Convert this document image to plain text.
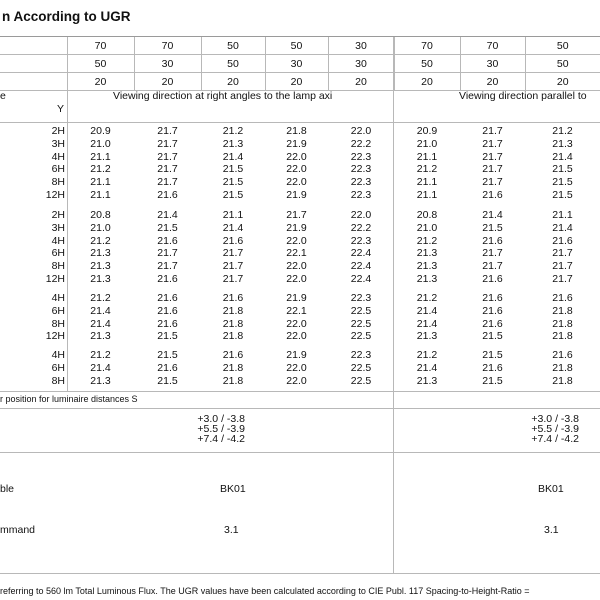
n According to UGR
	70	70	50	50	30	70	70	50
	50	30	50	30	30	50	30	50
	20	20	20	20	20	20	20	20
e
Y
Viewing direction at right angles to the lamp axi	Viewing direction parallel to
2H	20.9	21.7	21.2	21.8	22.0	20.9	21.7	21.2	
3H	21.0	21.7	21.3	21.9	22.2	21.0	21.7	21.3	
4H	21.1	21.7	21.4	22.0	22.3	21.1	21.7	21.4	
6H	21.2	21.7	21.5	22.0	22.3	21.2	21.7	21.5	
8H	21.1	21.7	21.5	22.0	22.3	21.1	21.7	21.5	
12H	21.1	21.6	21.5	21.9	22.3	21.1	21.6	21.5	
2H	20.8	21.4	21.1	21.7	22.0	20.8	21.4	21.1	
3H	21.0	21.5	21.4	21.9	22.2	21.0	21.5	21.4	
4H	21.2	21.6	21.6	22.0	22.3	21.2	21.6	21.6	
6H	21.3	21.7	21.7	22.1	22.4	21.3	21.7	21.7	
8H	21.3	21.7	21.7	22.0	22.4	21.3	21.7	21.7	
12H	21.3	21.6	21.7	22.0	22.4	21.3	21.6	21.7	
4H	21.2	21.6	21.6	21.9	22.3	21.2	21.6	21.6	
6H	21.4	21.6	21.8	22.1	22.5	21.4	21.6	21.8	
8H	21.4	21.6	21.8	22.0	22.5	21.4	21.6	21.8	
12H	21.3	21.5	21.8	22.0	22.5	21.3	21.5	21.8	
4H	21.2	21.5	21.6	21.9	22.3	21.2	21.5	21.6	
6H	21.4	21.6	21.8	22.0	22.5	21.4	21.6	21.8	
8H	21.3	21.5	21.8	22.0	22.5	21.3	21.5	21.8	
r position for luminaire distances S
+3.0 / -3.8
+5.5 / -3.9
+7.4 / -4.2
+3.0 / -3.8
+5.5 / -3.9
+7.4 / -4.2
ble	BK01	BK01
mmand	3.1	3.1
referring to 560 lm Total Luminous Flux. The UGR values have been calculated according to CIE Publ. 117 Spacing-to-Height-Ratio =
